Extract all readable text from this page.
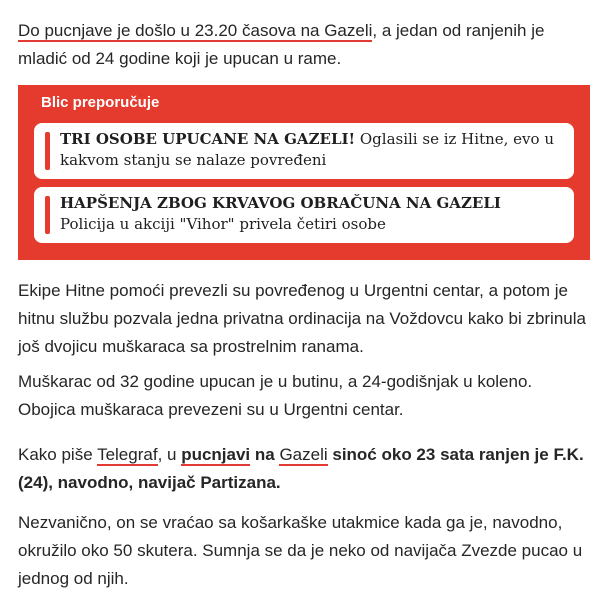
Do pucnjave je došlo u 23.20 časova na Gazeli, a jedan od ranjenih je mladić od 24 godine koji je upucan u rame.

Blic preporučuje
TRI OSOBE UPUCANE NA GAZELI! Oglasili se iz Hitne, evo u kakvom stanju se nalaze povređeni
HAPŠENJA ZBOG KRVAVOG OBRAČUNA NA GAZELI Policija u akciji "Vihor" privela četiri osobe

Ekipe Hitne pomoći prevezli su povređenog u Urgentni centar, a potom je hitnu službu pozvala jedna privatna ordinacija na Voždovcu kako bi zbrinula još dvojicu muškaraca sa prostrelnim ranama.

Muškarac od 32 godine upucan je u butinu, a 24-godišnjak u koleno. Obojica muškaraca prevezeni su u Urgentni centar.

Kako piše Telegraf, u pucnjavi na Gazeli sinoć oko 23 sata ranjen je F.K. (24), navodno, navijač Partizana.

Nezvanično, on se vraćao sa košarkaške utakmice kada ga je, navodno, okružilo oko 50 skutera. Sumnja se da je neko od navijača Zvezde pucao u jednog od njih.
